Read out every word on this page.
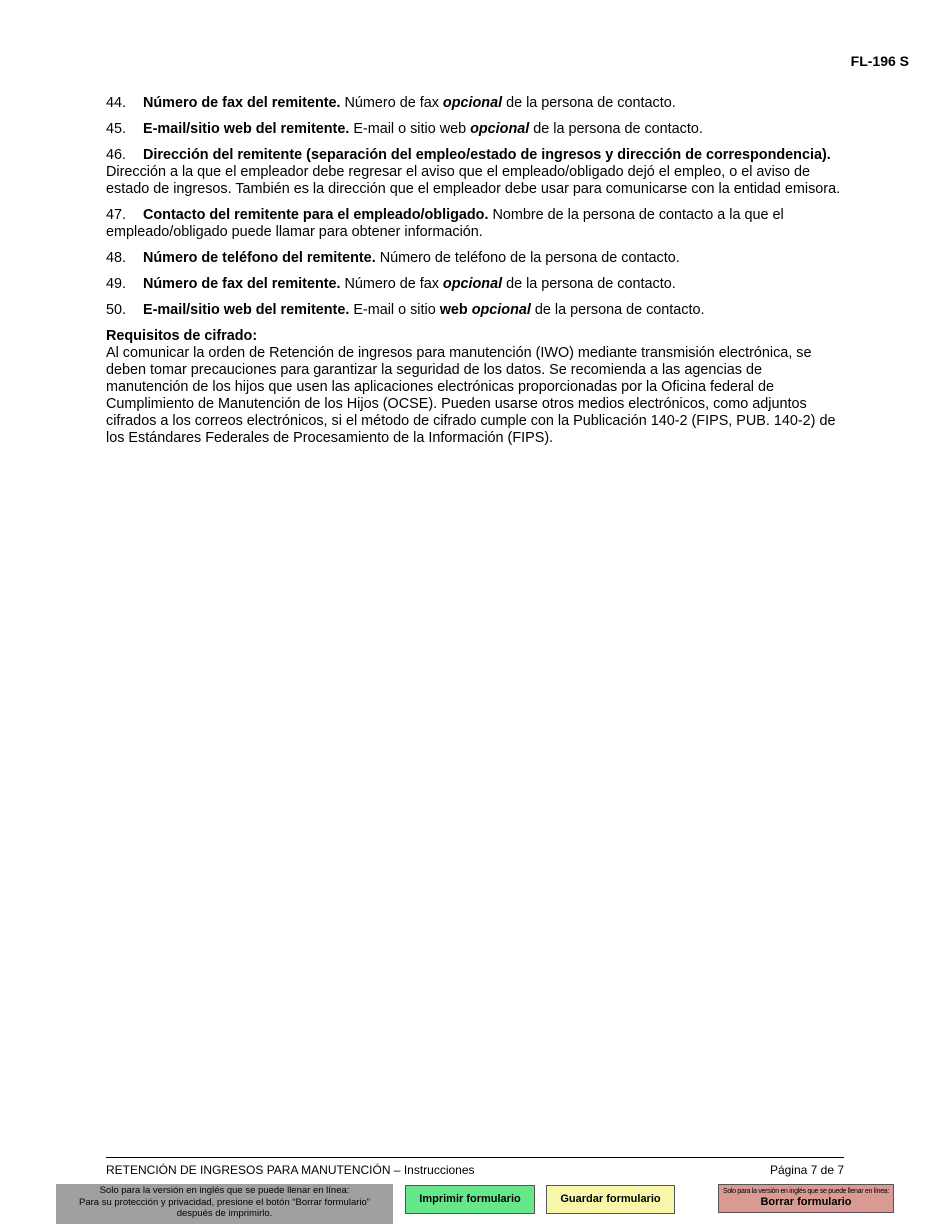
FL-196 S
44. Número de fax del remitente. Número de fax opcional de la persona de contacto.
45. E-mail/sitio web del remitente. E-mail o sitio web opcional de la persona de contacto.
46. Dirección del remitente (separación del empleo/estado de ingresos y dirección de correspondencia). Dirección a la que el empleador debe regresar el aviso que el empleado/obligado dejó el empleo, o el aviso de estado de ingresos. También es la dirección que el empleador debe usar para comunicarse con la entidad emisora.
47. Contacto del remitente para el empleado/obligado. Nombre de la persona de contacto a la que el empleado/obligado puede llamar para obtener información.
48. Número de teléfono del remitente. Número de teléfono de la persona de contacto.
49. Número de fax del remitente. Número de fax opcional de la persona de contacto.
50. E-mail/sitio web del remitente. E-mail o sitio web opcional de la persona de contacto.
Requisitos de cifrado:
Al comunicar la orden de Retención de ingresos para manutención (IWO) mediante transmisión electrónica, se deben tomar precauciones para garantizar la seguridad de los datos. Se recomienda a las agencias de manutención de los hijos que usen las aplicaciones electrónicas proporcionadas por la Oficina federal de Cumplimiento de Manutención de los Hijos (OCSE). Pueden usarse otros medios electrónicos, como adjuntos cifrados a los correos electrónicos, si el método de cifrado cumple con la Publicación 140-2 (FIPS, PUB. 140-2) de los Estándares Federales de Procesamiento de la Información (FIPS).
RETENCIÓN DE INGRESOS PARA MANUTENCIÓN – Instrucciones	Página 7 de 7
Solo para la versión en inglés que se puede llenar en línea:
Para su protección y privacidad, presione el botón “Borrar formulario”
después de imprimirlo.
Imprimir formulario	Guardar formulario
Solo para la versión en inglés que se puede llenar en línea:
Borrar formulario
